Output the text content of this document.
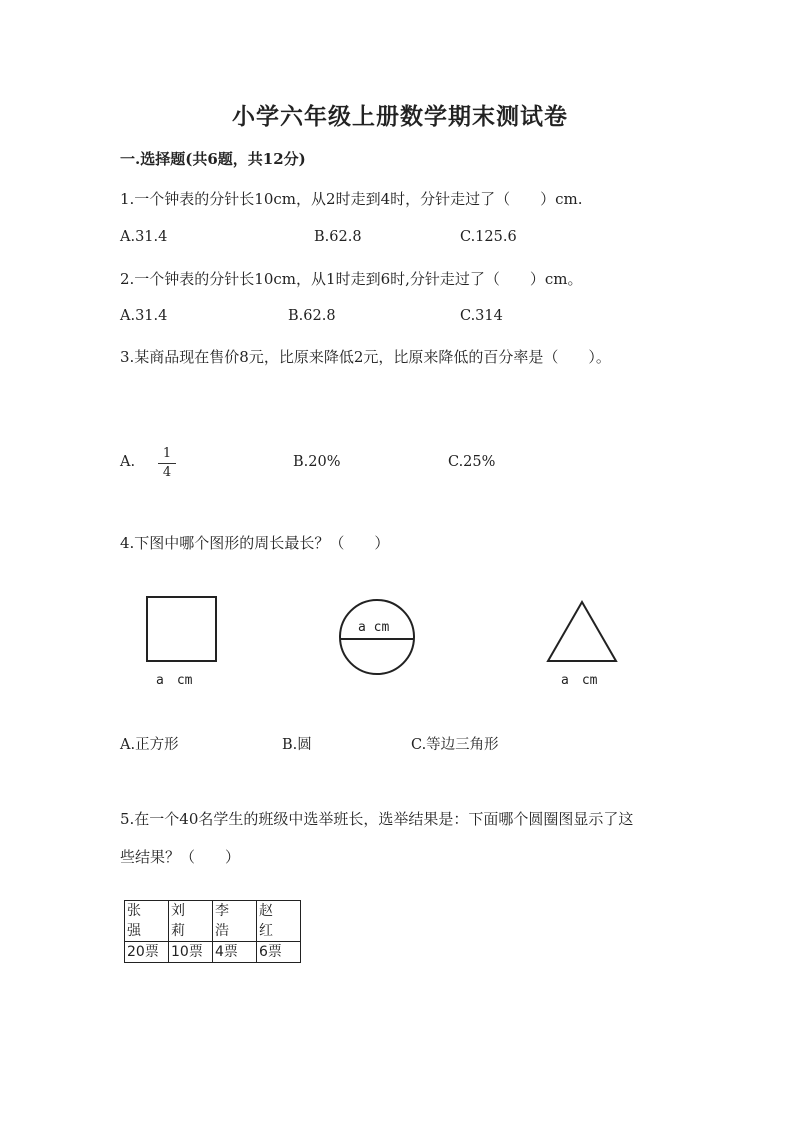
小学六年级上册数学期末测试卷
一.选择题(共6题，共12分)
1.一个钟表的分针长10cm，从2时走到4时，分针走过了（　　）cm.
A.31.4	B.62.8	C.125.6
2.一个钟表的分针长10cm，从1时走到6时,分针走过了（　　）cm。
A.31.4	B.62.8	C.314
3.某商品现在售价8元，比原来降低2元，比原来降低的百分率是（　　）。
A.
1
4
B.20%	C.25%
4.下图中哪个图形的周长最长？（　　）
a　cm
a cm
a　cm
A.正方形	B.圆	C.等边三角形
5.在一个40名学生的班级中选举班长，选举结果是：下面哪个圆圈图显示了这
些结果？（　　）
张 强	刘 莉	李 浩	赵 红
20票	10票	4票	6票
